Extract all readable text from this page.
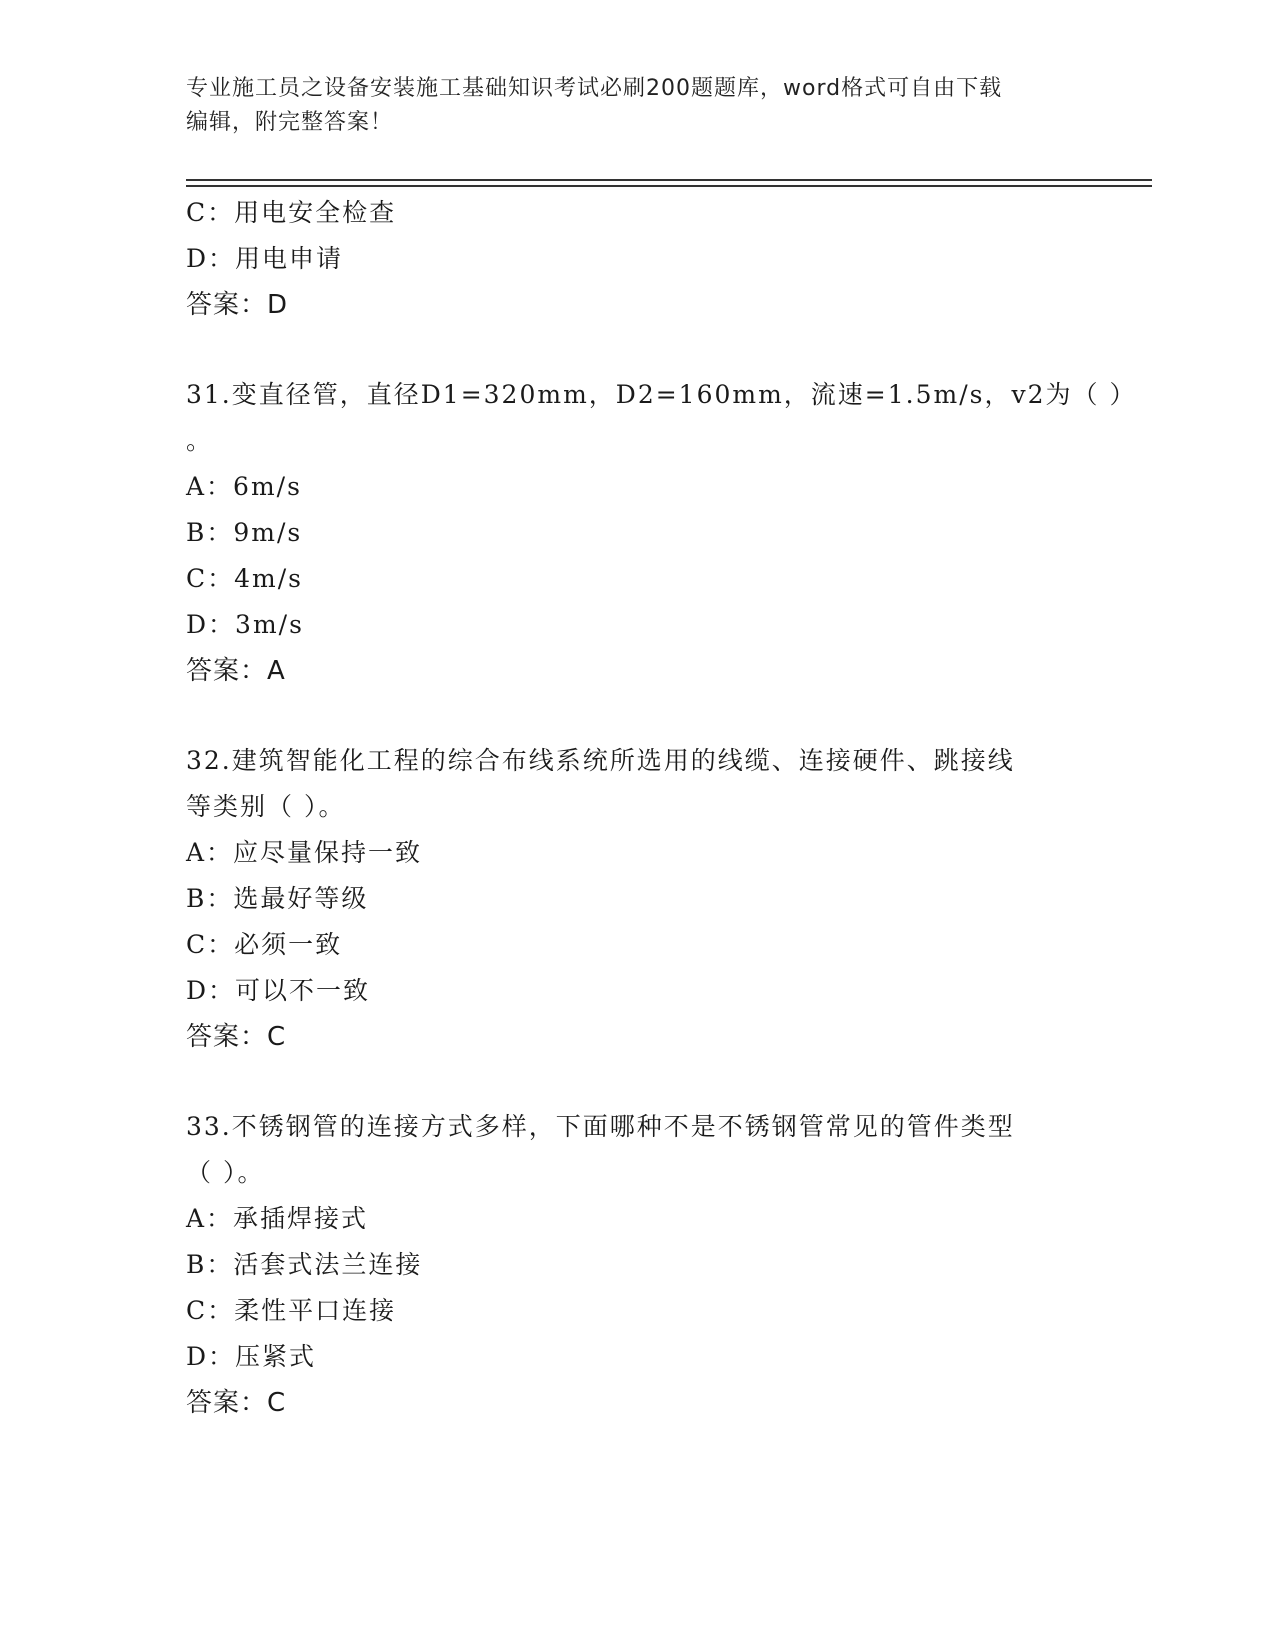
专业施工员之设备安装施工基础知识考试必刷200题题库，word格式可自由下载
编辑，附完整答案！
C：用电安全检查
D：用电申请
答案：D
31.变直径管，直径D1=320mm，D2=160mm，流速=1.5m/s，v2为（ ）
。
A：6m/s
B：9m/s
C：4m/s
D：3m/s
答案：A
32.建筑智能化工程的综合布线系统所选用的线缆、连接硬件、跳接线
等类别（ ）。
A：应尽量保持一致
B：选最好等级
C：必须一致
D：可以不一致
答案：C
33.不锈钢管的连接方式多样，下面哪种不是不锈钢管常见的管件类型
（ ）。
A：承插焊接式
B：活套式法兰连接
C：柔性平口连接
D：压紧式
答案：C
